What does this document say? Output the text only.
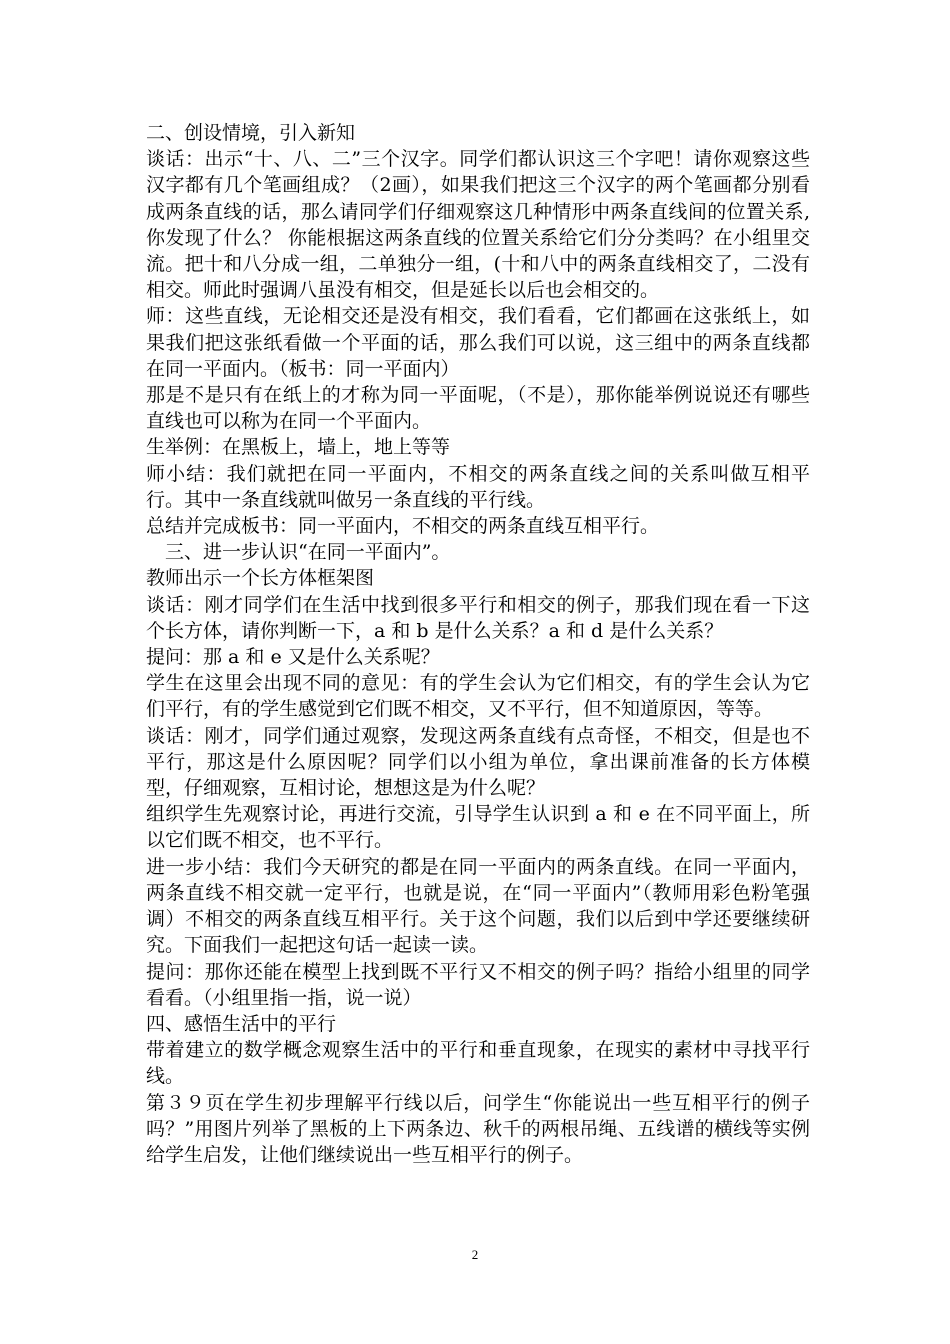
二、创设情境，引入新知

谈话：出示“十、八、二”三个汉字。同学们都认识这三个字吧！请你观察这些汉字都有几个笔画组成？（2画），如果我们把这三个汉字的两个笔画都分别看成两条直线的话，那么请同学们仔细观察这几种情形中两条直线间的位置关系,你发现了什么？ 你能根据这两条直线的位置关系给它们分分类吗？在小组里交流。把十和八分成一组，二单独分一组，(十和八中的两条直线相交了，二没有相交。师此时强调八虽没有相交，但是延长以后也会相交的。

师：这些直线，无论相交还是没有相交，我们看看，它们都画在这张纸上，如果我们把这张纸看做一个平面的话，那么我们可以说，这三组中的两条直线都在同一平面内。（板书：同一平面内）

那是不是只有在纸上的才称为同一平面呢，（不是），那你能举例说说还有哪些直线也可以称为在同一个平面内。

生举例：在黑板上，墙上，地上等等

师小结：我们就把在同一平面内，不相交的两条直线之间的关系叫做互相平行。其中一条直线就叫做另一条直线的平行线。

总结并完成板书：同一平面内，不相交的两条直线互相平行。

三、进一步认识“在同一平面内”。

教师出示一个长方体框架图

谈话：刚才同学们在生活中找到很多平行和相交的例子，那我们现在看一下这个长方体，请你判断一下，a 和 b 是什么关系？a 和 d 是什么关系？

提问：那 a 和 e 又是什么关系呢？

学生在这里会出现不同的意见：有的学生会认为它们相交，有的学生会认为它们平行，有的学生感觉到它们既不相交，又不平行，但不知道原因，等等。

谈话：刚才，同学们通过观察，发现这两条直线有点奇怪，不相交，但是也不平行，那这是什么原因呢？同学们以小组为单位，拿出课前准备的长方体模型，仔细观察，互相讨论，想想这是为什么呢？

组织学生先观察讨论，再进行交流，引导学生认识到 a 和 e 在不同平面上，所以它们既不相交，也不平行。

进一步小结：我们今天研究的都是在同一平面内的两条直线。在同一平面内，两条直线不相交就一定平行，也就是说，在“同一平面内”（教师用彩色粉笔强调）不相交的两条直线互相平行。关于这个问题，我们以后到中学还要继续研究。下面我们一起把这句话一起读一读。

提问：那你还能在模型上找到既不平行又不相交的例子吗？指给小组里的同学看看。（小组里指一指，说一说）

四、感悟生活中的平行

带着建立的数学概念观察生活中的平行和垂直现象，在现实的素材中寻找平行线。

第３９页在学生初步理解平行线以后，问学生“你能说出一些互相平行的例子吗？”用图片列举了黑板的上下两条边、秋千的两根吊绳、五线谱的横线等实例给学生启发，让他们继续说出一些互相平行的例子。

2
